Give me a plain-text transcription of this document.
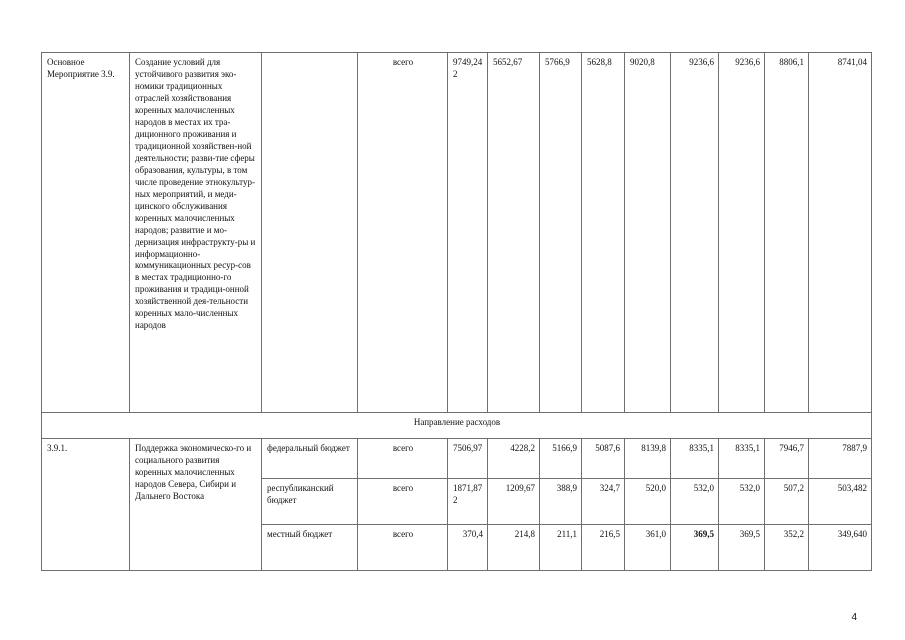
Основное Мероприятие 3.9.	Создание условий для устойчивого развития эко-номики традиционных отраслей хозяйствования коренных малочисленных народов в местах их тра-диционного проживания и традиционной хозяйствен-ной деятельности; разви-тие сферы образования, культуры, в том числе проведение этнокультур-ных мероприятий, и меди-цинского обслуживания коренных малочисленных народов; развитие и мо-дернизация инфраструкту-ры и информационно-коммуникационных ресур-сов в местах традиционно-го проживания и традици-онной хозяйственной дея-тельности коренных мало-численных народов		всего	9749,242	5652,67	5766,9	5628,8	9020,8	9236,6	9236,6	8806,1	8741,04
Направление расходов												
3.9.1.	Поддержка экономическо-го и социального развития коренных малочисленных народов Севера, Сибири и Дальнего Востока	федеральный бюджет	всего	7506,97	4228,2	5166,9	5087,6	8139,8	8335,1	8335,1	7946,7	7887,9
		республиканский бюджет	всего	1871,872	1209,67	388,9	324,7	520,0	532,0	532,0	507,2	503,482
		местный бюджет	всего	370,4	214,8	211,1	216,5	361,0	369,5	369,5	352,2	349,640
4
